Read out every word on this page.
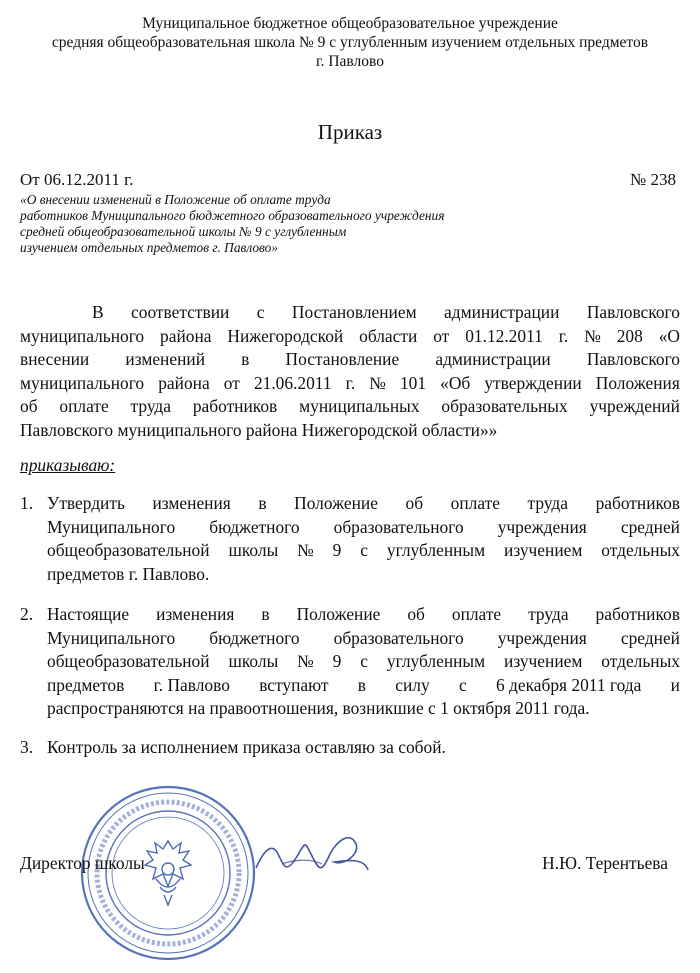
Муниципальное бюджетное общеобразовательное учреждение
средняя общеобразовательная школа № 9 с углубленным изучением отдельных предметов
г. Павлово
Приказ
От 06.12.2011 г.	№ 238
«О внесении изменений в Положение об оплате труда
работников Муниципального бюджетного образовательного учреждения
средней общеобразовательной школы № 9 с углубленным
изучением отдельных предметов г. Павлово»
В соответствии с Постановлением администрации Павловского
муниципального района Нижегородской области от 01.12.2011 г. № 208 «О
внесении изменений в Постановление администрации Павловского
муниципального района от 21.06.2011 г. № 101 «Об утверждении Положения
об оплате труда работников муниципальных образовательных учреждений
Павловского муниципального района Нижегородской области»»
приказываю:
1. Утвердить изменения в Положение об оплате труда работников
Муниципального бюджетного образовательного учреждения средней
общеобразовательной школы № 9 с углубленным изучением отдельных
предметов г. Павлово.
2. Настоящие изменения в Положение об оплате труда работников
Муниципального бюджетного образовательного учреждения средней
общеобразовательной школы № 9 с углубленным изучением отдельных
предметов г. Павлово вступают в силу с 6 декабря 2011 года и
распространяются на правоотношения, возникшие с 1 октября 2011 года.
3. Контроль за исполнением приказа оставляю за собой.
Директор школы	Н.Ю. Терентьева
